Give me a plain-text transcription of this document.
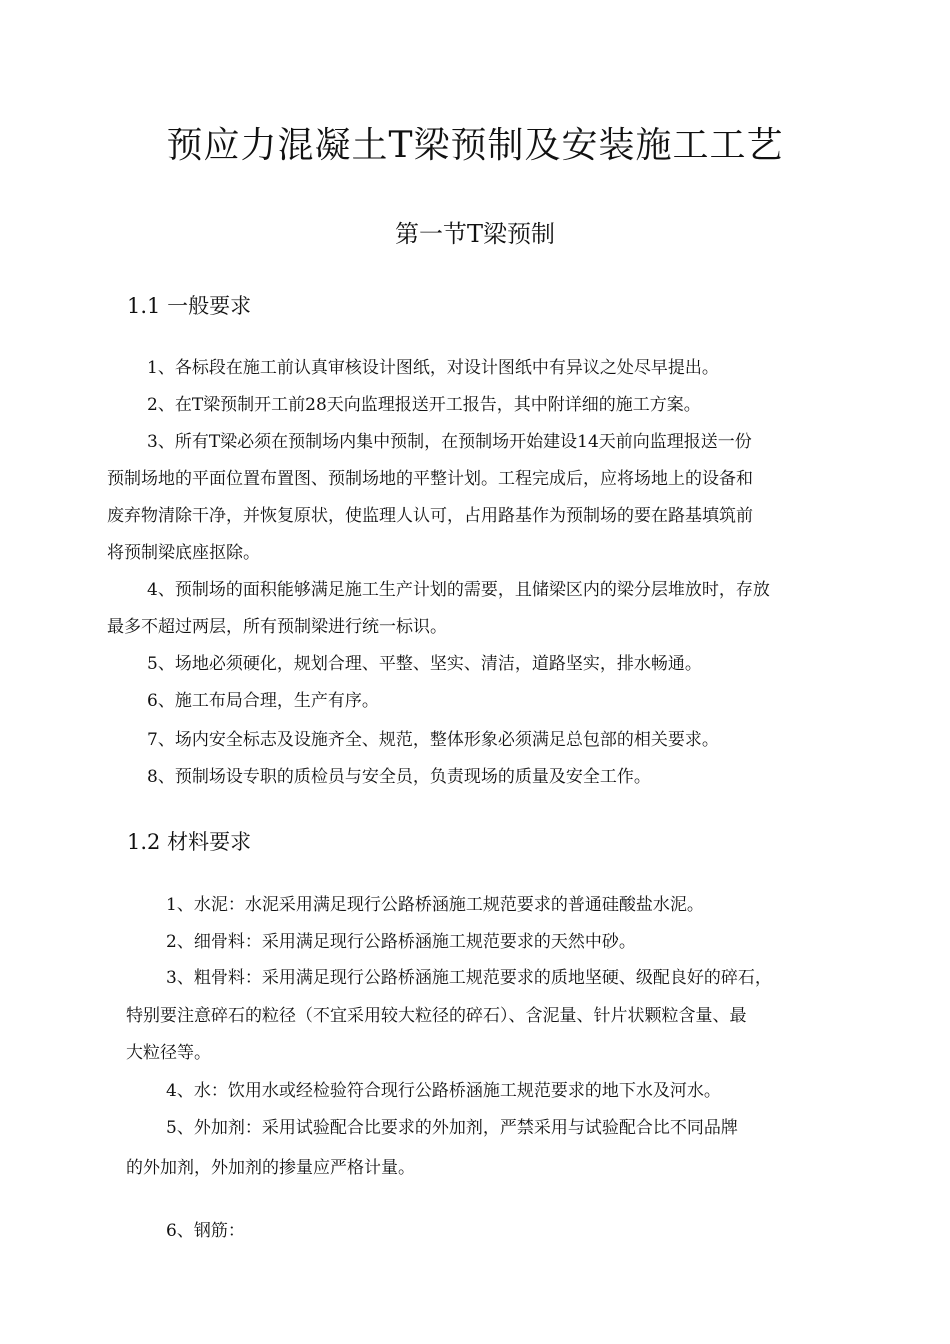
预应力混凝土T梁预制及安装施工工艺
第一节T梁预制
1.1 一般要求
1、各标段在施工前认真审核设计图纸，对设计图纸中有异议之处尽早提出。
2、在T梁预制开工前28天向监理报送开工报告，其中附详细的施工方案。
3、所有T梁必须在预制场内集中预制，在预制场开始建设14天前向监理报送一份
预制场地的平面位置布置图、预制场地的平整计划。工程完成后，应将场地上的设备和
废弃物清除干净，并恢复原状，使监理人认可，占用路基作为预制场的要在路基填筑前
将预制梁底座抠除。
4、预制场的面积能够满足施工生产计划的需要，且储梁区内的梁分层堆放时，存放
最多不超过两层，所有预制梁进行统一标识。
5、场地必须硬化，规划合理、平整、坚实、清洁，道路坚实，排水畅通。
6、施工布局合理，生产有序。
7、场内安全标志及设施齐全、规范，整体形象必须满足总包部的相关要求。
8、预制场设专职的质检员与安全员，负责现场的质量及安全工作。
1.2 材料要求
1、水泥：水泥采用满足现行公路桥涵施工规范要求的普通硅酸盐水泥。
2、细骨料：采用满足现行公路桥涵施工规范要求的天然中砂。
3、粗骨料：采用满足现行公路桥涵施工规范要求的质地坚硬、级配良好的碎石，
特别要注意碎石的粒径（不宜采用较大粒径的碎石）、含泥量、针片状颗粒含量、最
大粒径等。
4、水：饮用水或经检验符合现行公路桥涵施工规范要求的地下水及河水。
5、外加剂：采用试验配合比要求的外加剂，严禁采用与试验配合比不同品牌
的外加剂，外加剂的掺量应严格计量。
6、钢筋：
